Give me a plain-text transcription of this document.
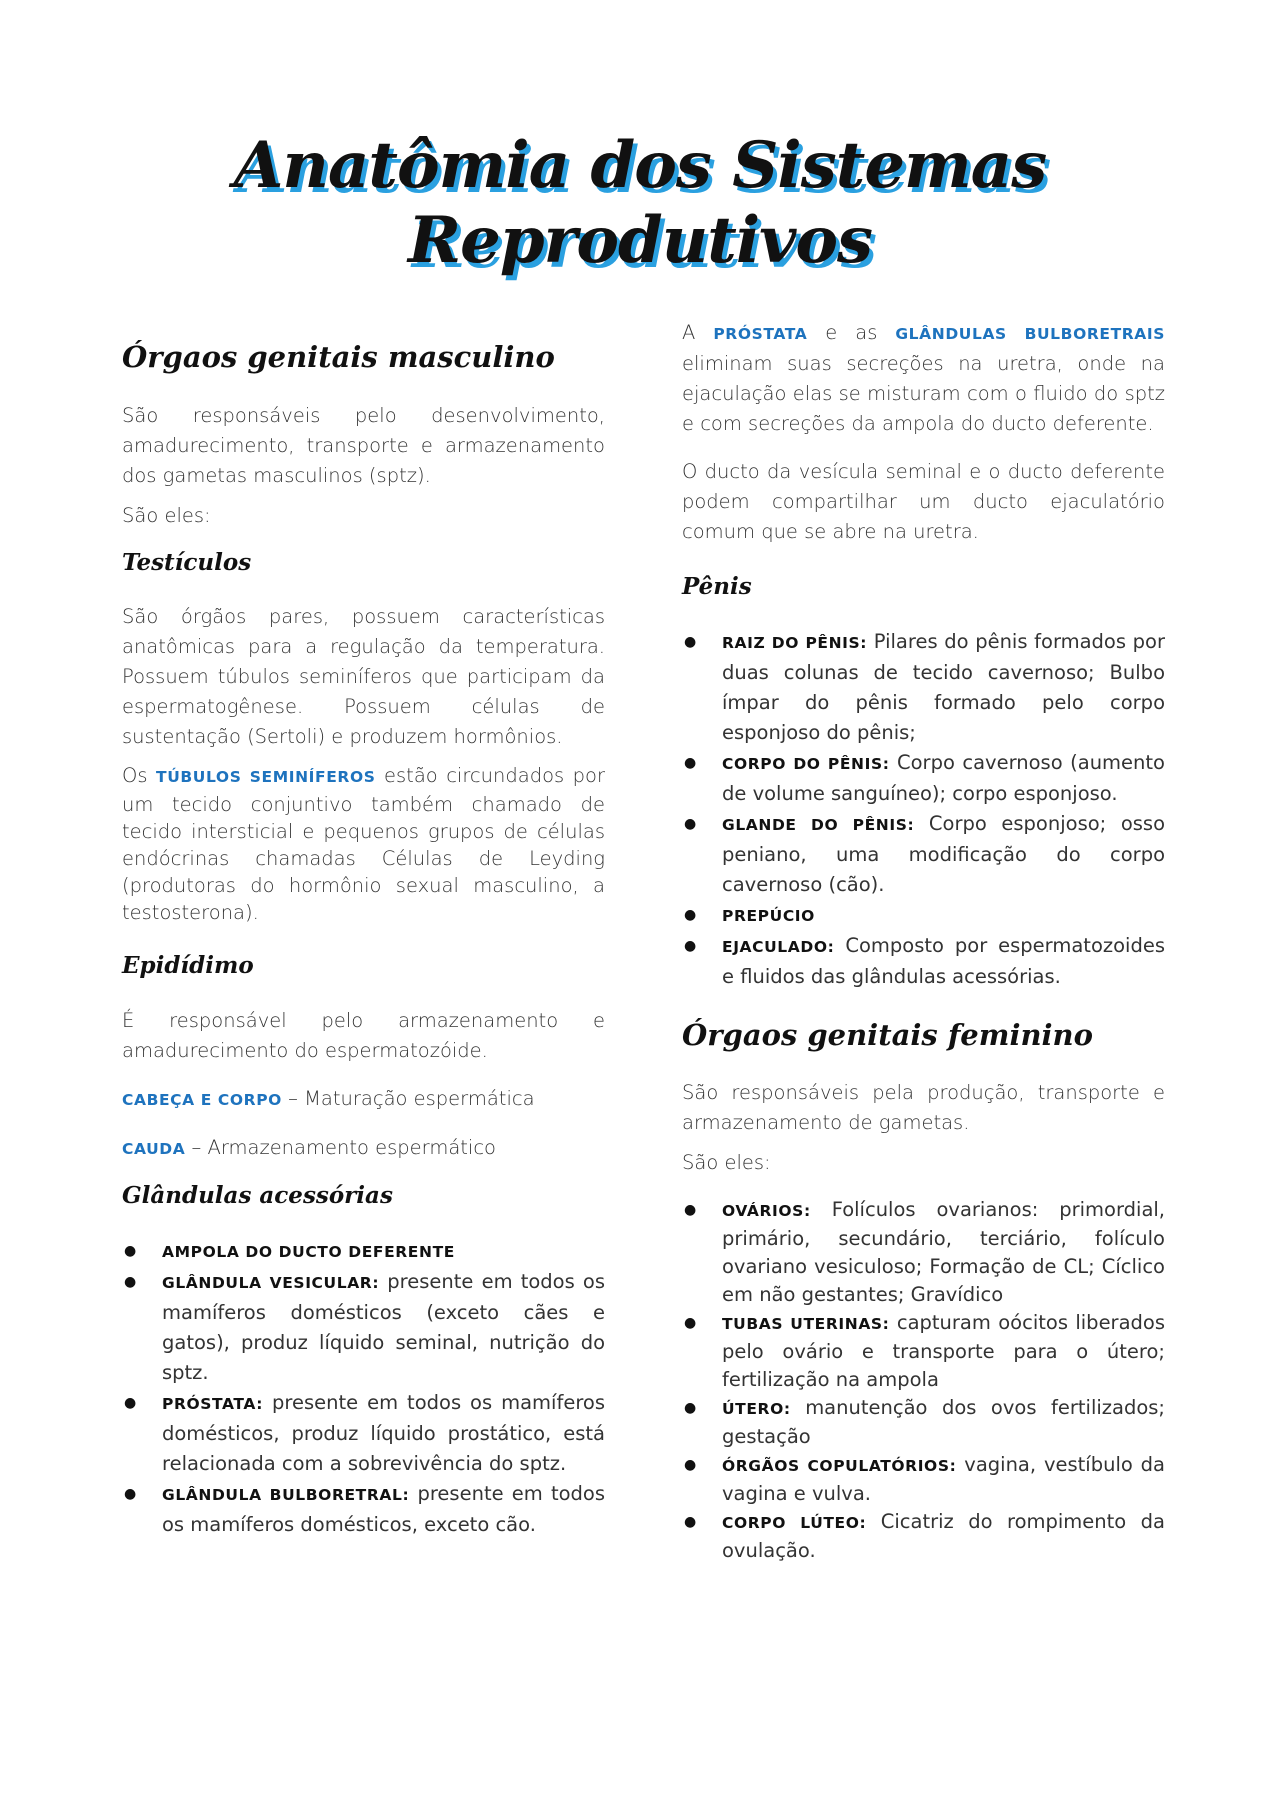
Anatômia dos Sistemas Reprodutivos
Órgaos genitais masculino

São responsáveis pelo desenvolvimento, amadurecimento, transporte e armazenamento dos gametas masculinos (sptz).

São eles:

Testículos

São órgãos pares, possuem características anatômicas para a regulação da temperatura. Possuem túbulos seminíferos que participam da espermatogênese. Possuem células de sustentação (Sertoli) e produzem hormônios.

Os TÚBULOS SEMINÍFEROS estão circundados por um tecido conjuntivo também chamado de tecido intersticial e pequenos grupos de células endócrinas chamadas Células de Leyding (produtoras do hormônio sexual masculino, a testosterona).

Epidídimo

É responsável pelo armazenamento e amadurecimento do espermatozóide.

CABEÇA E CORPO – Maturação espermática

CAUDA – Armazenamento espermático

Glândulas acessórias
● AMPOLA DO DUCTO DEFERENTE
● GLÂNDULA VESICULAR: presente em todos os mamíferos domésticos (exceto cães e gatos), produz líquido seminal, nutrição do sptz.
● PRÓSTATA: presente em todos os mamíferos domésticos, produz líquido prostático, está relacionada com a sobrevivência do sptz.
● GLÂNDULA BULBORETRAL: presente em todos os mamíferos domésticos, exceto cão.

A PRÓSTATA e as GLÂNDULAS BULBORETRAIS eliminam suas secreções na uretra, onde na ejaculação elas se misturam com o fluido do sptz e com secreções da ampola do ducto deferente.

O ducto da vesícula seminal e o ducto deferente podem compartilhar um ducto ejaculatório comum que se abre na uretra.

Pênis
● RAIZ DO PÊNIS: Pilares do pênis formados por duas colunas de tecido cavernoso; Bulbo ímpar do pênis formado pelo corpo esponjoso do pênis;
● CORPO DO PÊNIS: Corpo cavernoso (aumento de volume sanguíneo); corpo esponjoso.
● GLANDE DO PÊNIS: Corpo esponjoso; osso peniano, uma modificação do corpo cavernoso (cão).
● PREPÚCIO
● EJACULADO: Composto por espermatozoides e fluidos das glândulas acessórias.
Órgaos genitais feminino

São responsáveis pela produção, transporte e armazenamento de gametas.

São eles:

● OVÁRIOS: Folículos ovarianos: primordial, primário, secundário, terciário, folículo ovariano vesiculoso; Formação de CL; Cíclico em não gestantes; Gravídico
● TUBAS UTERINAS: capturam oócitos liberados pelo ovário e transporte para o útero; fertilização na ampola
● ÚTERO: manutenção dos ovos fertilizados; gestação
● ÓRGÃOS COPULATÓRIOS: vagina, vestíbulo da vagina e vulva.
● CORPO LÚTEO: Cicatriz do rompimento da ovulação.
